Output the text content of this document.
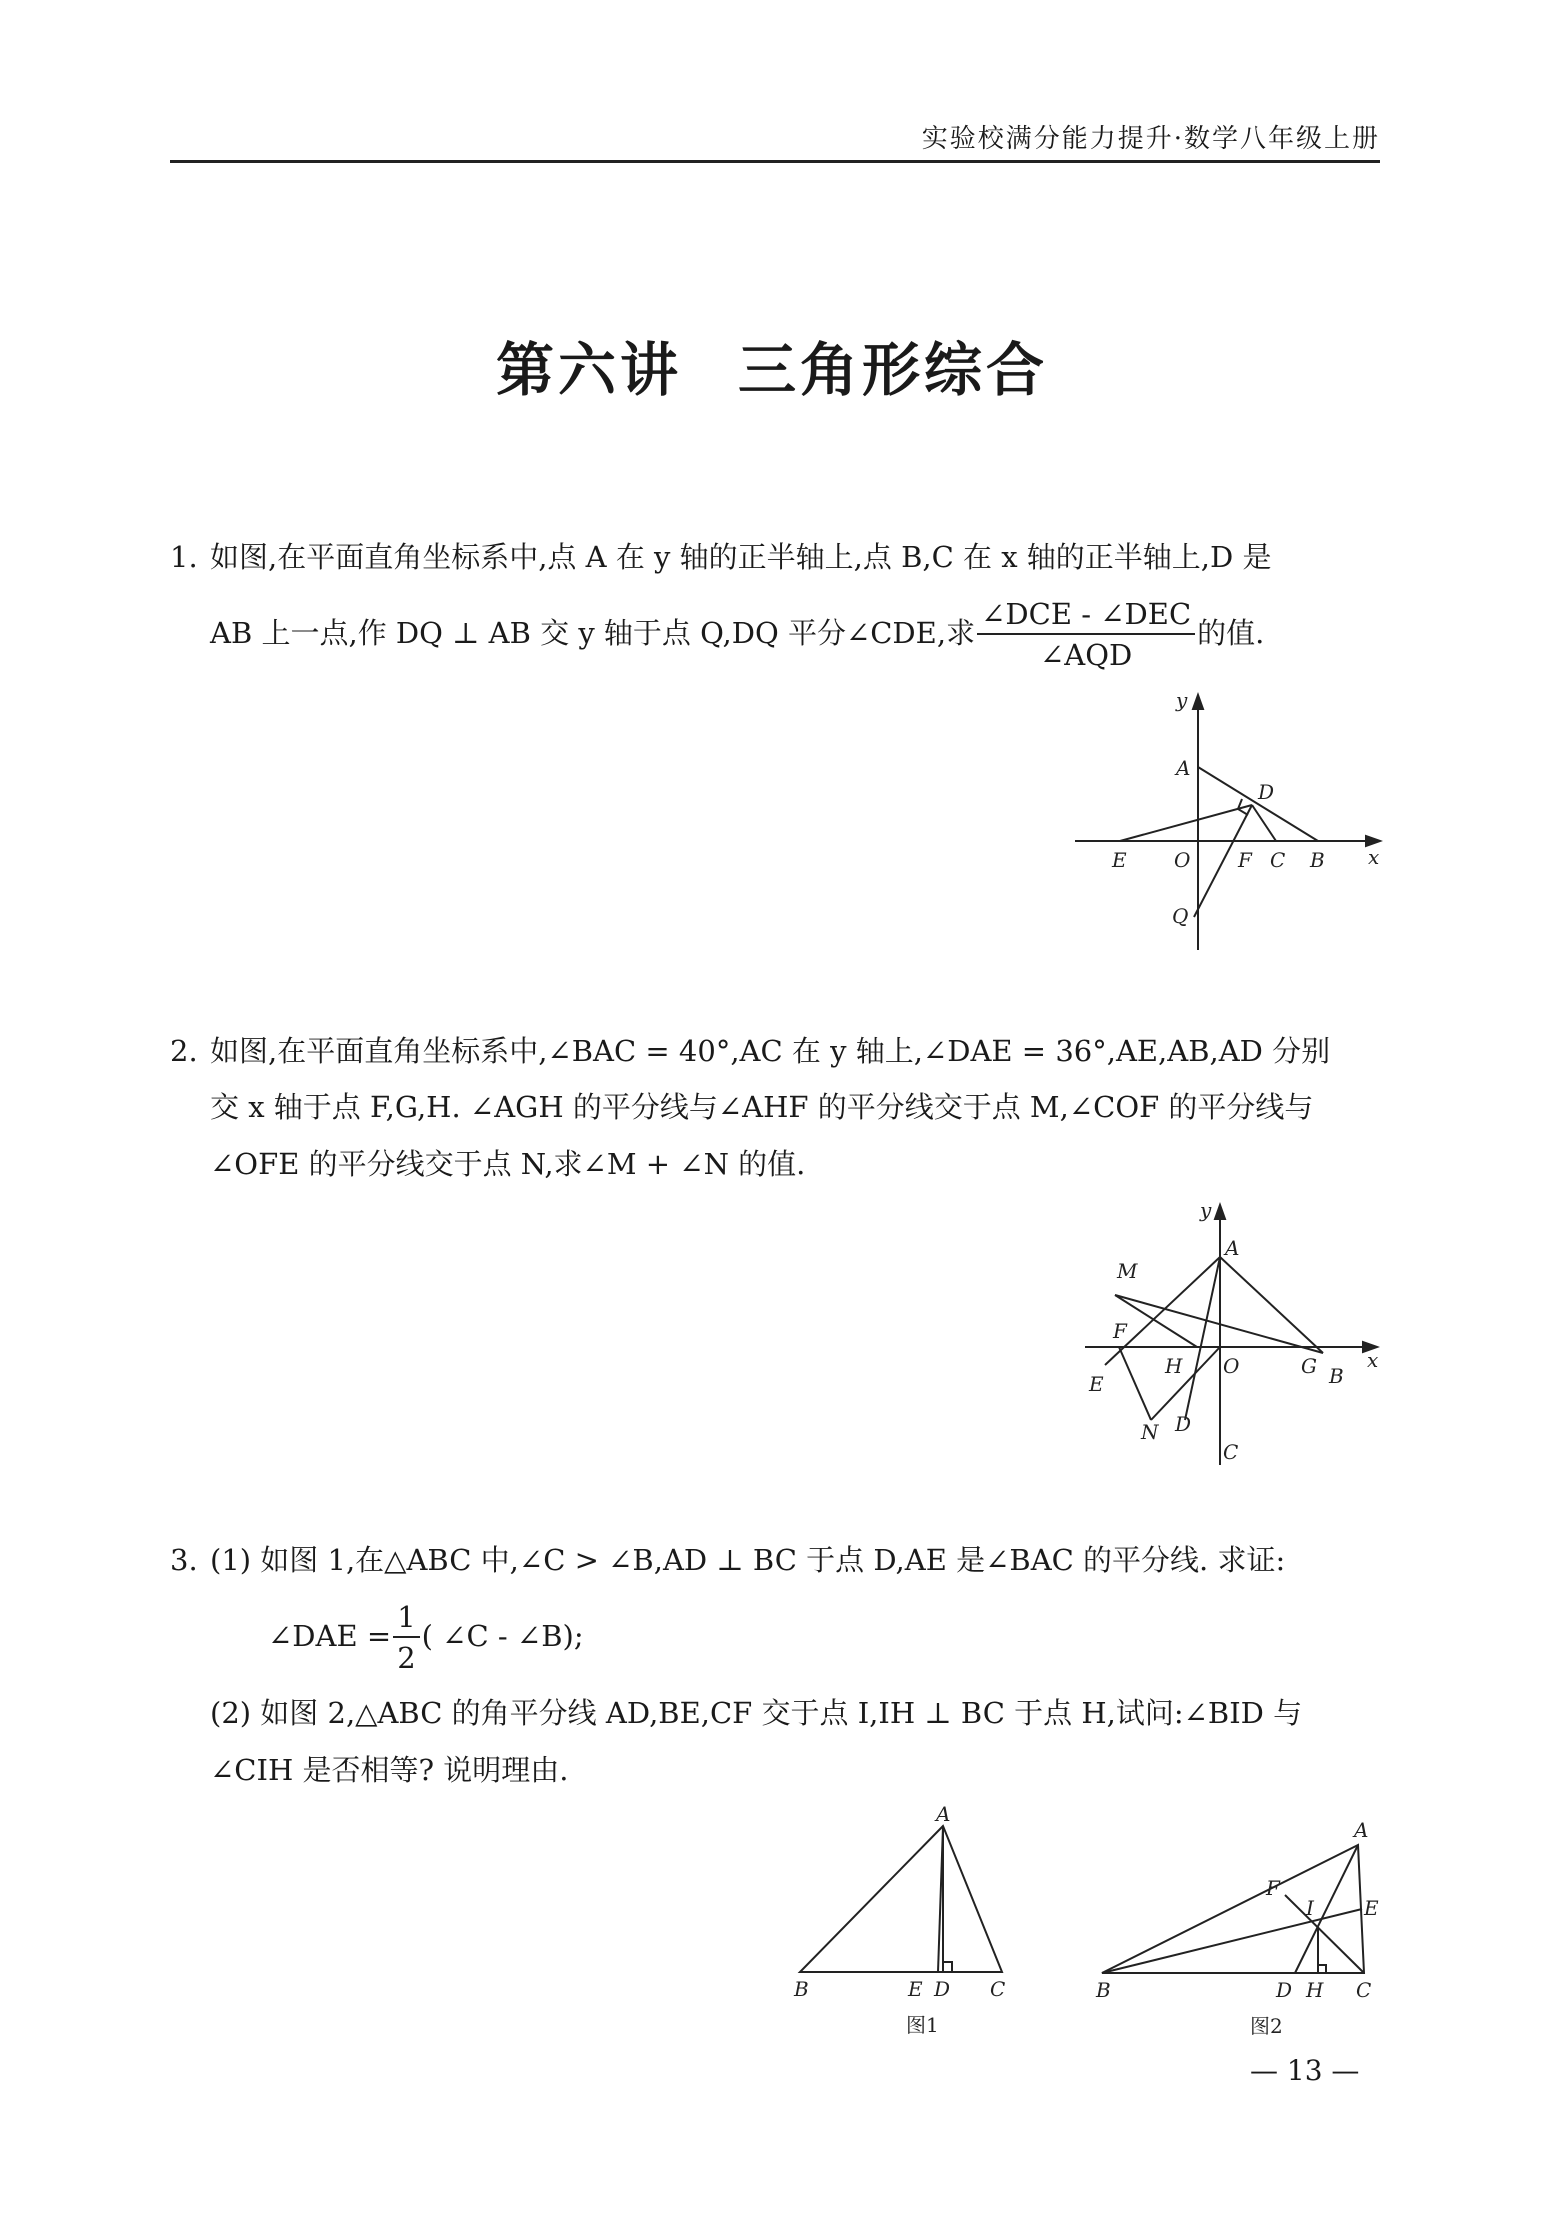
实验校满分能力提升·数学八年级上册
第六讲 三角形综合
1. 如图,在平面直角坐标系中,点 A 在 y 轴的正半轴上,点 B,C 在 x 轴的正半轴上,D 是
AB 上一点,作 DQ ⊥ AB 交 y 轴于点 Q,DQ 平分∠CDE,求 $\frac{\text{∠DCE - ∠DEC}}{\text{∠AQD}}$ 的值.
y
x
A
D
E O F C B
Q
2. 如图,在平面直角坐标系中,∠BAC = 40°,AC 在 y 轴上,∠DAE = 36°,AE,AB,AD 分别
交 x 轴于点 F,G,H. ∠AGH 的平分线与∠AHF 的平分线交于点 M,∠COF 的平分线与
∠OFE 的平分线交于点 N,求∠M + ∠N 的值.
y
x
A
M
F
E
H O	G B
N D
C
3. (1) 如图 1,在△ABC 中,∠C > ∠B,AD ⊥ BC 于点 D,AE 是∠BAC 的平分线. 求证:
∠DAE = $\frac{1}{2}$ ( ∠C - ∠B);
(2) 如图 2,△ABC 的角平分线 AD,BE,CF 交于点 I,IH ⊥ BC 于点 H,试问:∠BID 与
∠CIH 是否相等? 说明理由.
A
B	E D C
图1
A
F
I	E
B	D H C
图2
— 13 —
